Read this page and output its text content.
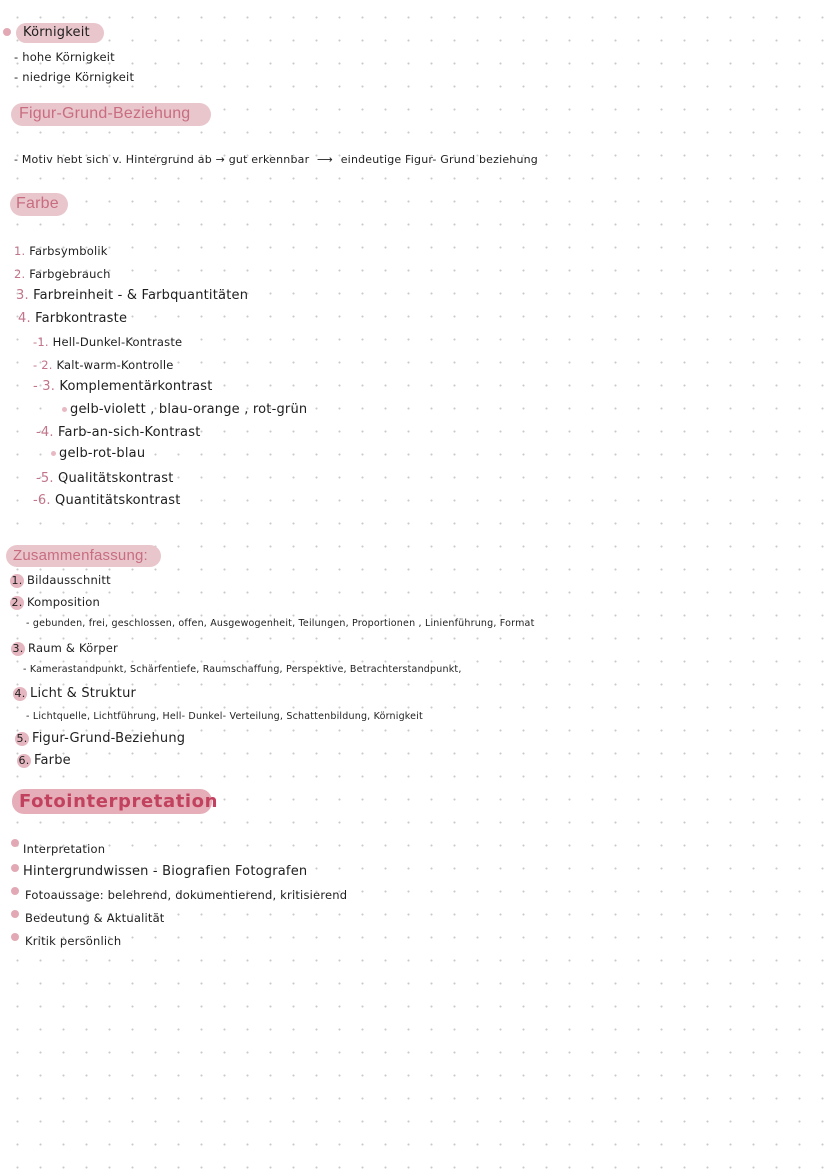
Körnigkeit
- hohe Körnigkeit
- niedrige Körnigkeit
Figur-Grund-Beziehung
- Motiv hebt sich v. Hintergrund ab → gut erkennbar ⟶ eindeutige Figur- Grund beziehung
Farbe
1. Farbsymbolik
2. Farbgebrauch
3. Farbreinheit - & Farbquantitäten
4. Farbkontraste
-1. Hell-Dunkel-Kontraste
- 2. Kalt-warm-Kontrolle
- 3. Komplementärkontrast
gelb-violett , blau-orange , rot-grün
-4. Farb-an-sich-Kontrast
gelb-rot-blau
-5. Qualitätskontrast
-6. Quantitätskontrast
Zusammenfassung:
1. Bildausschnitt
2. Komposition
- gebunden, frei, geschlossen, offen, Ausgewogenheit, Teilungen, Proportionen , Linienführung, Format
3. Raum & Körper
- Kamerastandpunkt, Schärfentiefe, Raumschaffung, Perspektive, Betrachterstandpunkt,
4. Licht & Struktur
- Lichtquelle, Lichtführung, Hell- Dunkel- Verteilung, Schattenbildung, Körnigkeit
5. Figur-Grund-Beziehung
6. Farbe
Fotointerpretation
Interpretation
Hintergrundwissen - Biografien Fotografen
Fotoaussage: belehrend, dokumentierend, kritisierend
Bedeutung & Aktualität
Kritik persönlich
